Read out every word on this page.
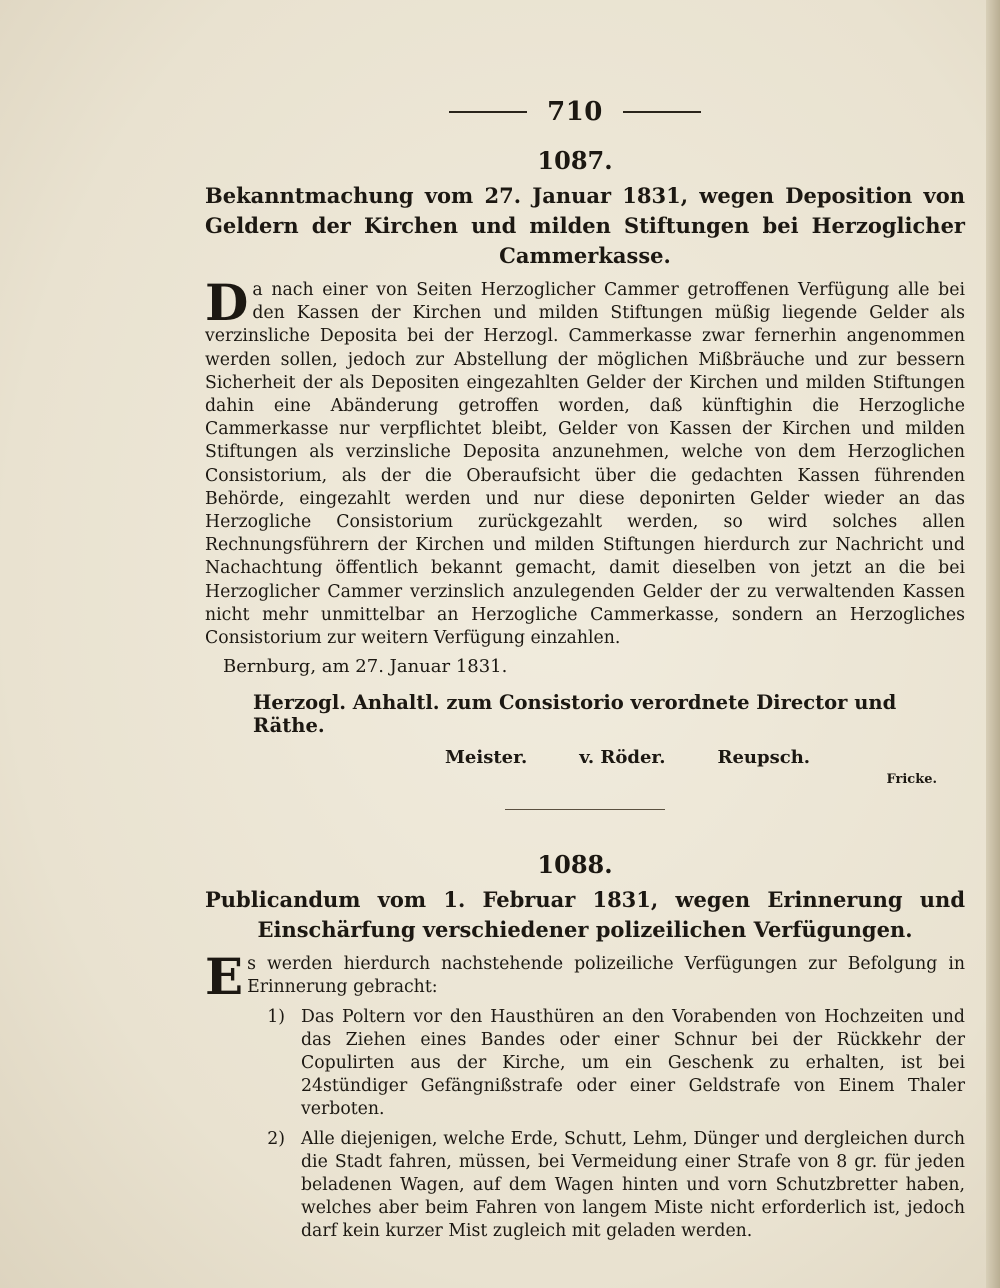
710
1087.
Bekanntmachung vom 27. Januar 1831, wegen Deposition von Geldern der Kirchen und milden Stiftungen bei Herzoglicher Cammerkasse.

Da nach einer von Seiten Herzoglicher Cammer getroffenen Verfügung alle bei den Kassen der Kirchen und milden Stiftungen müßig liegende Gelder als verzinsliche Deposita bei der Herzogl. Cammerkasse zwar fernerhin angenommen werden sollen, jedoch zur Abstellung der möglichen Mißbräuche und zur bessern Sicherheit der als Depositen eingezahlten Gelder der Kirchen und milden Stiftungen dahin eine Abänderung getroffen worden, daß künftighin die Herzogliche Cammerkasse nur verpflichtet bleibt, Gelder von Kassen der Kirchen und milden Stiftungen als verzinsliche Deposita anzunehmen, welche von dem Herzoglichen Consistorium, als der die Oberaufsicht über die gedachten Kassen führenden Behörde, eingezahlt werden und nur diese deponirten Gelder wieder an das Herzogliche Consistorium zurückgezahlt werden, so wird solches allen Rechnungsführern der Kirchen und milden Stiftungen hierdurch zur Nachricht und Nachachtung öffentlich bekannt gemacht, damit dieselben von jetzt an die bei Herzoglicher Cammer verzinslich anzulegenden Gelder der zu verwaltenden Kassen nicht mehr unmittelbar an Herzogliche Cammerkasse, sondern an Herzogliches Consistorium zur weitern Verfügung einzahlen.

Bernburg, am 27. Januar 1831.
Herzogl. Anhaltl. zum Consistorio verordnete Director und Räthe.
Meister.	v. Röder.	Reupsch.
Fricke.
1088.
Publicandum vom 1. Februar 1831, wegen Erinnerung und Einschärfung verschiedener polizeilichen Verfügungen.

Es werden hierdurch nachstehende polizeiliche Verfügungen zur Befolgung in Erinnerung gebracht:

1) Das Poltern vor den Hausthüren an den Vorabenden von Hochzeiten und das Ziehen eines Bandes oder einer Schnur bei der Rückkehr der Copulirten aus der Kirche, um ein Geschenk zu erhalten, ist bei 24stündiger Gefängnißstrafe oder einer Geldstrafe von Einem Thaler verboten.
2) Alle diejenigen, welche Erde, Schutt, Lehm, Dünger und dergleichen durch die Stadt fahren, müssen, bei Vermeidung einer Strafe von 8 gr. für jeden beladenen Wagen, auf dem Wagen hinten und vorn Schutzbretter haben, welches aber beim Fahren von langem Miste nicht erforderlich ist, jedoch darf kein kurzer Mist zugleich mit geladen werden.
